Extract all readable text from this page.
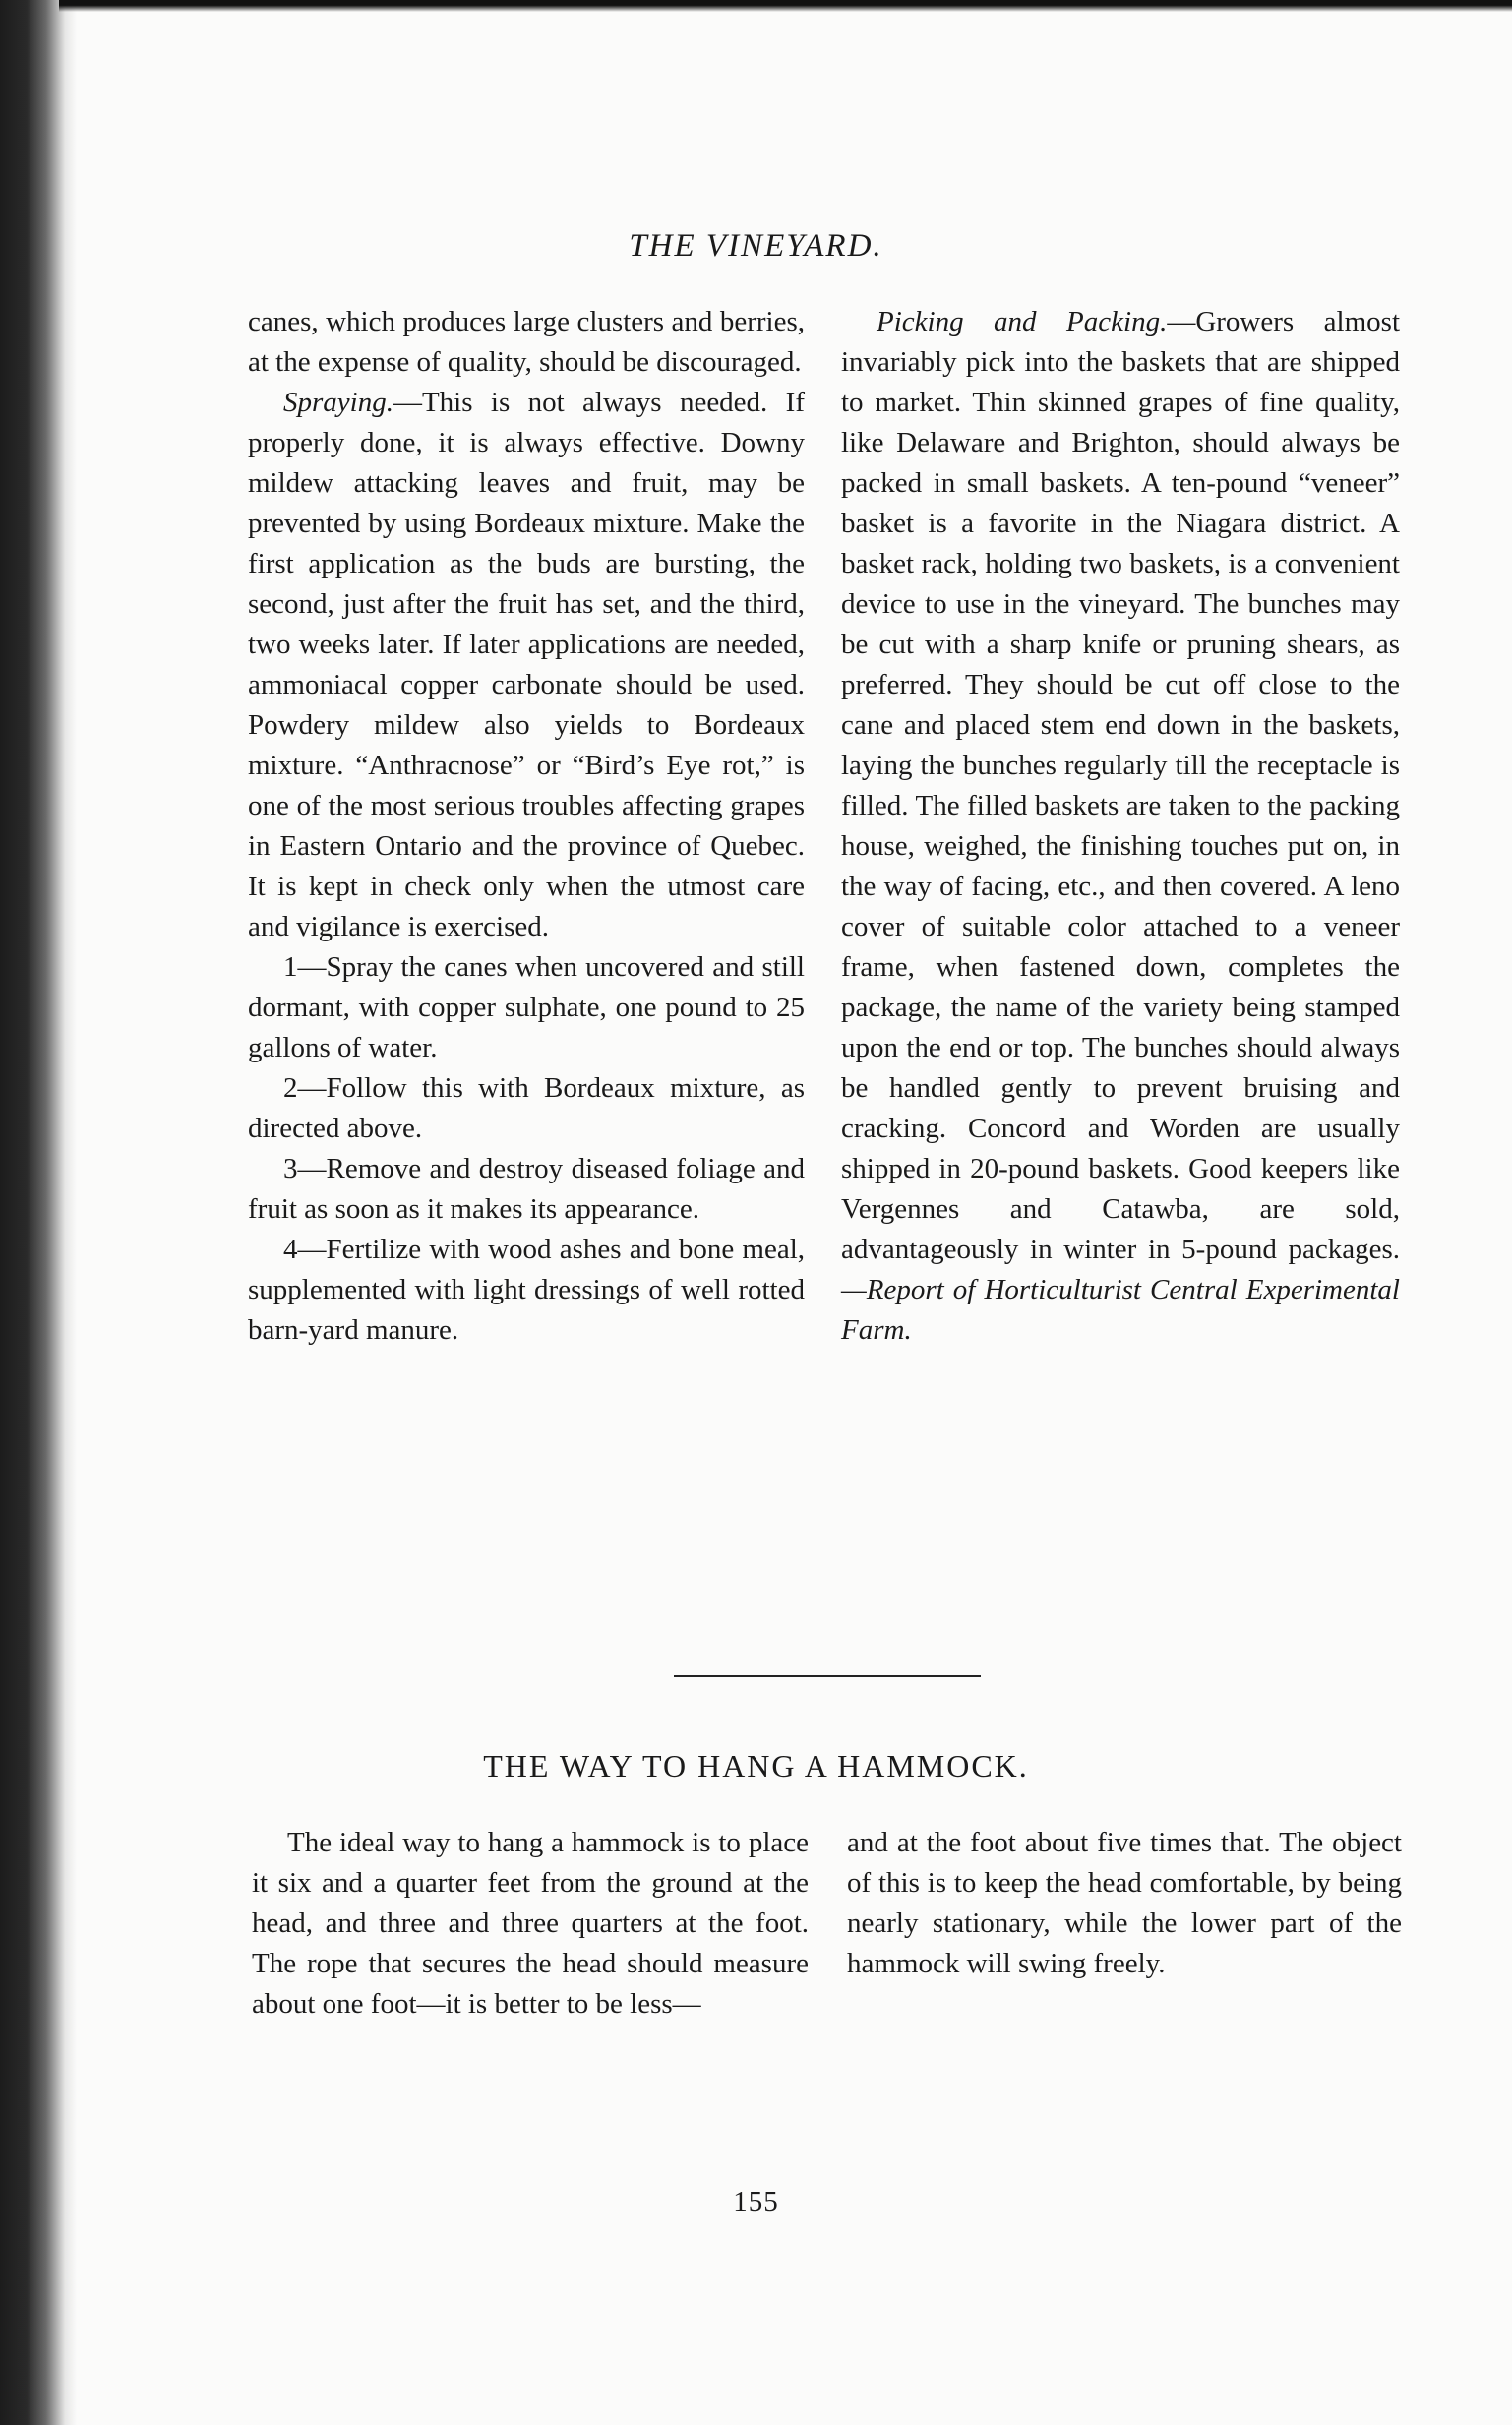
THE VINEYARD.

canes, which produces large clusters and berries, at the expense of quality, should be discouraged.

Spraying.—This is not always needed. If properly done, it is always effective. Downy mildew attacking leaves and fruit, may be prevented by using Bordeaux mixture. Make the first application as the buds are bursting, the second, just after the fruit has set, and the third, two weeks later. If later applications are needed, ammoniacal copper carbonate should be used. Powdery mildew also yields to Bordeaux mixture. “Anthracnose” or “Bird’s Eye rot,” is one of the most serious troubles affecting grapes in Eastern Ontario and the province of Quebec. It is kept in check only when the utmost care and vigilance is exercised.

1—Spray the canes when uncovered and still dormant, with copper sulphate, one pound to 25 gallons of water.

2—Follow this with Bordeaux mixture, as directed above.

3—Remove and destroy diseased foliage and fruit as soon as it makes its appearance.

4—Fertilize with wood ashes and bone meal, supplemented with light dressings of well rotted barn-yard manure.

Picking and Packing.—Growers almost invariably pick into the baskets that are shipped to market. Thin skinned grapes of fine quality, like Delaware and Brighton, should always be packed in small baskets. A ten-pound “veneer” basket is a favorite in the Niagara district. A basket rack, holding two baskets, is a convenient device to use in the vineyard. The bunches may be cut with a sharp knife or pruning shears, as preferred. They should be cut off close to the cane and placed stem end down in the baskets, laying the bunches regularly till the receptacle is filled. The filled baskets are taken to the packing house, weighed, the finishing touches put on, in the way of facing, etc., and then covered. A leno cover of suitable color attached to a veneer frame, when fastened down, completes the package, the name of the variety being stamped upon the end or top. The bunches should always be handled gently to prevent bruising and cracking. Concord and Worden are usually shipped in 20-pound baskets. Good keepers like Vergennes and Catawba, are sold, advantageously in winter in 5-pound packages.—Report of Horticulturist Central Experimental Farm.

THE WAY TO HANG A HAMMOCK.

The ideal way to hang a hammock is to place it six and a quarter feet from the ground at the head, and three and three quarters at the foot. The rope that secures the head should measure about one foot—it is better to be less—

and at the foot about five times that. The object of this is to keep the head comfortable, by being nearly stationary, while the lower part of the hammock will swing freely.

155
